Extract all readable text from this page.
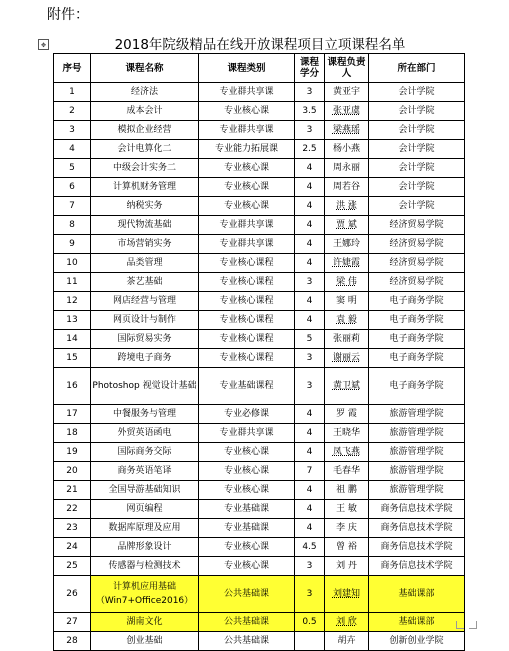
附件：
✥	2018年院级精品在线开放课程项目立项课程名单
序号	课程名称	课程类别	课程学分	课程负责人	所在部门
1	经济法	专业群共享课	3	黄亚宇	会计学院
2	成本会计	专业核心课	3.5	张亚虞	会计学院
3	模拟企业经营	专业群共享课	3	梁燕瑶	会计学院
4	会计电算化二	专业能力拓展课	2.5	杨小燕	会计学院
5	中级会计实务二	专业核心课	4	周永丽	会计学院
6	计算机财务管理	专业核心课	4	周若谷	会计学院
7	纳税实务	专业核心课	4	洪 涨	会计学院
8	现代物流基础	专业群共享课	4	贾 斌	经济贸易学院
9	市场营销实务	专业群共享课	4	王娜玲	经济贸易学院
10	品类管理	专业核心课程	4	许婕霞	经济贸易学院
11	茶艺基础	专业核心课程	3	梁 伟	经济贸易学院
12	网店经营与管理	专业核心课程	4	窦 明	电子商务学院
13	网页设计与制作	专业核心课程	4	袁 毅	电子商务学院
14	国际贸易实务	专业核心课程	5	张丽莉	电子商务学院
15	跨境电子商务	专业核心课程	3	谢丽云	电子商务学院
16	Photoshop 视觉设计基础	专业基础课程	3	黄卫斌	电子商务学院
17	中餐服务与管理	专业必修课	4	罗 霞	旅游管理学院
18	外贸英语函电	专业群共享课	4	王晓华	旅游管理学院
19	国际商务交际	专业核心课	4	凤飞燕	旅游管理学院
20	商务英语笔译	专业核心课	7	毛春华	旅游管理学院
21	全国导游基础知识	专业核心课	4	祖 鹏	旅游管理学院
22	网页编程	专业基础课	4	王 敏	商务信息技术学院
23	数据库原理及应用	专业基础课	4	李 庆	商务信息技术学院
24	品牌形象设计	专业核心课	4.5	曾 裕	商务信息技术学院
25	传感器与检测技术	专业核心课	3	刘 丹	商务信息技术学院
26	计算机应用基础（Win7+Office2016）	公共基础课	3	刘建知	基础课部
27	湖南文化	公共基础课	0.5	刘 欣	基础课部
28	创业基础	公共基础课		胡卉	创新创业学院
